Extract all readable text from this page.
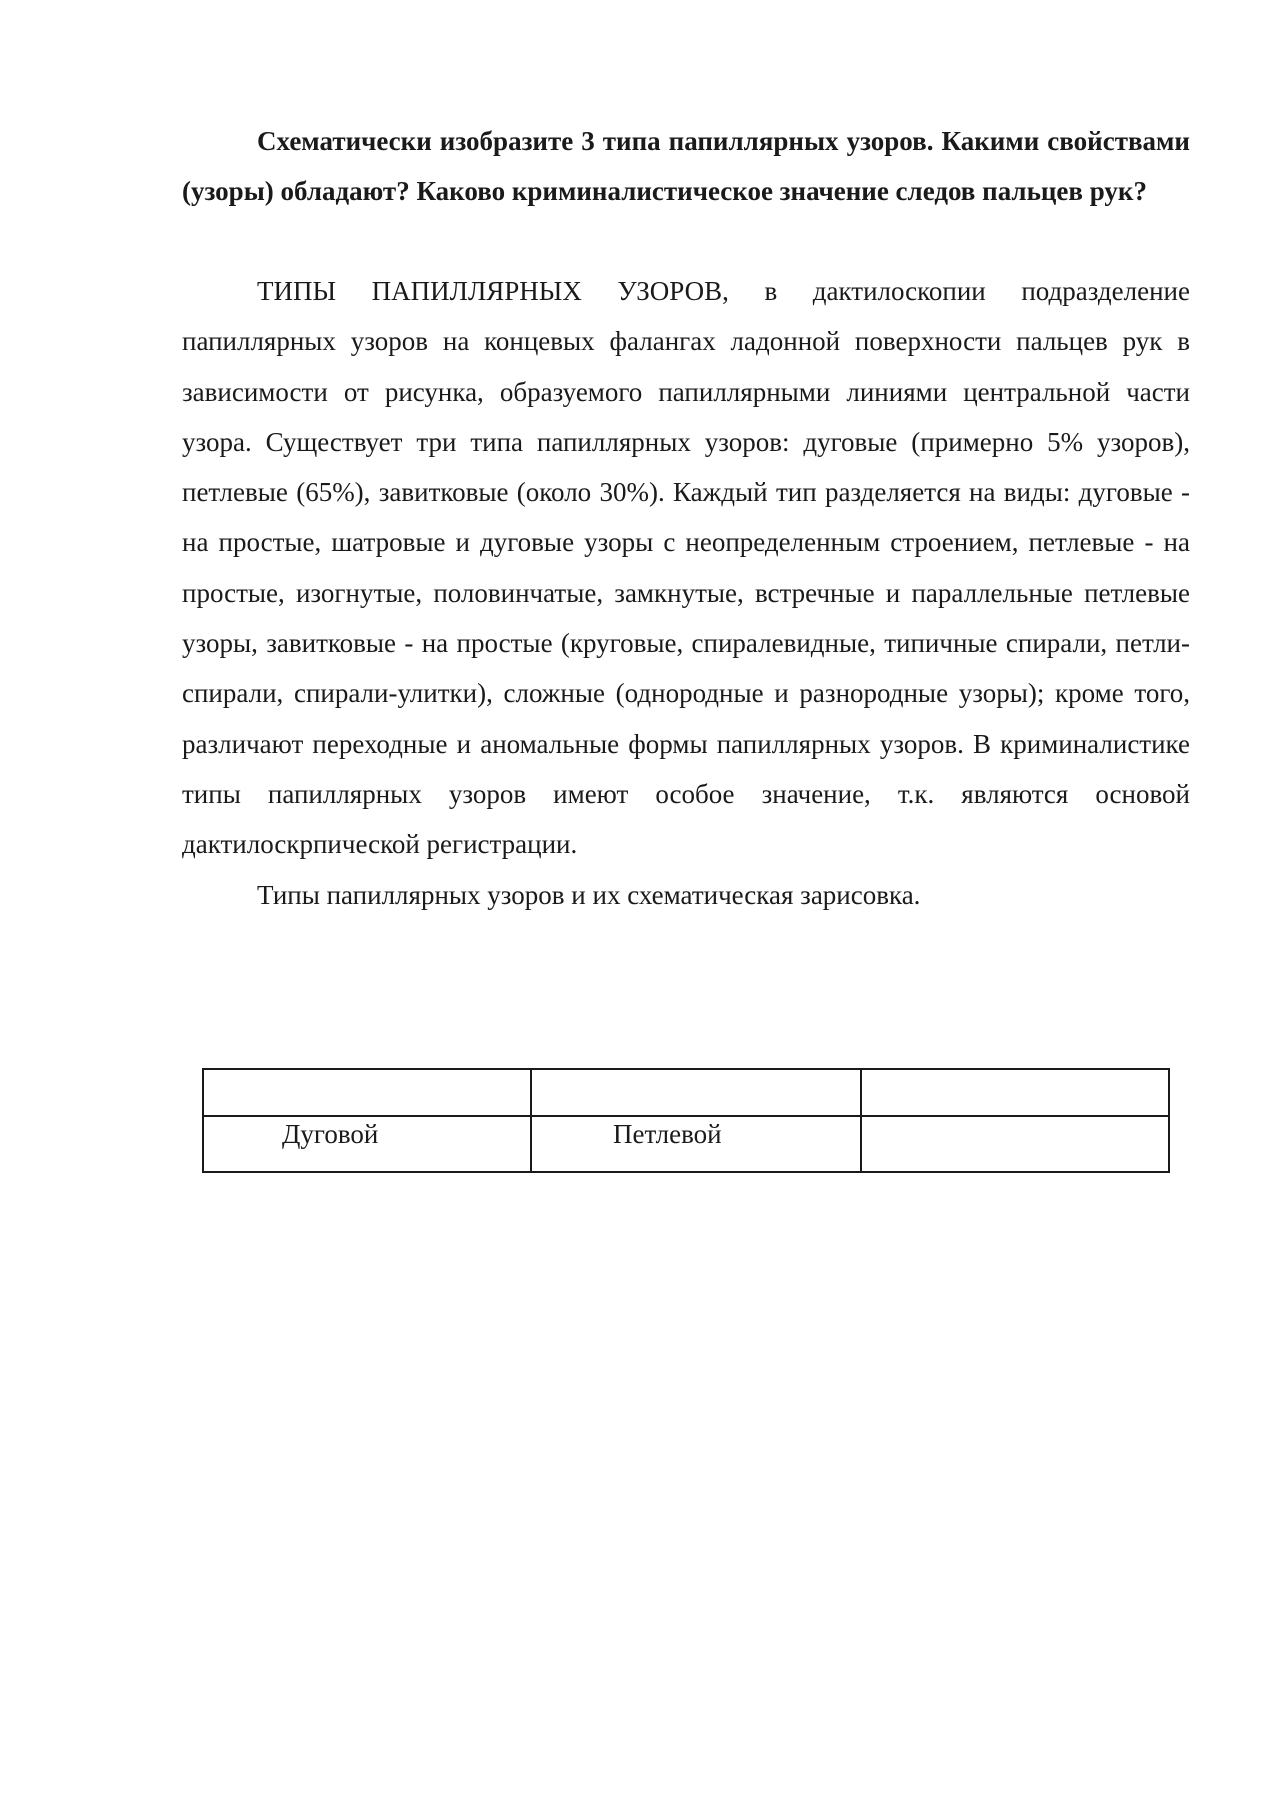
Схематически изобразите 3 типа папиллярных узоров. Какими свойствами (узоры) обладают? Каково криминалистическое значение следов пальцев рук?

ТИПЫ ПАПИЛЛЯРНЫХ УЗОРОВ, в дактилоскопии подразделение папиллярных узоров на концевых фалангах ладонной поверхности пальцев рук в зависимости от рисунка, образуемого папиллярными линиями центральной части узора. Существует три типа папиллярных узоров: дуговые (примерно 5% узоров), петлевые (65%), завитковые (около 30%). Каждый тип разделяется на виды: дуговые - на простые, шатровые и дуговые узоры с неопределенным строением, петлевые - на простые, изогнутые, половинчатые, замкнутые, встречные и параллельные петлевые узоры, завитковые - на простые (круговые, спиралевидные, типичные спирали, петли-спирали, спирали-улитки), сложные (однородные и разнородные узоры); кроме того, различают переходные и аномальные формы папиллярных узоров. В криминалистике типы папиллярных узоров имеют особое значение, т.к. являются основой дактилоскрпической регистрации.

Типы папиллярных узоров и их схематическая зарисовка.

Дуговой	Петлевой	
